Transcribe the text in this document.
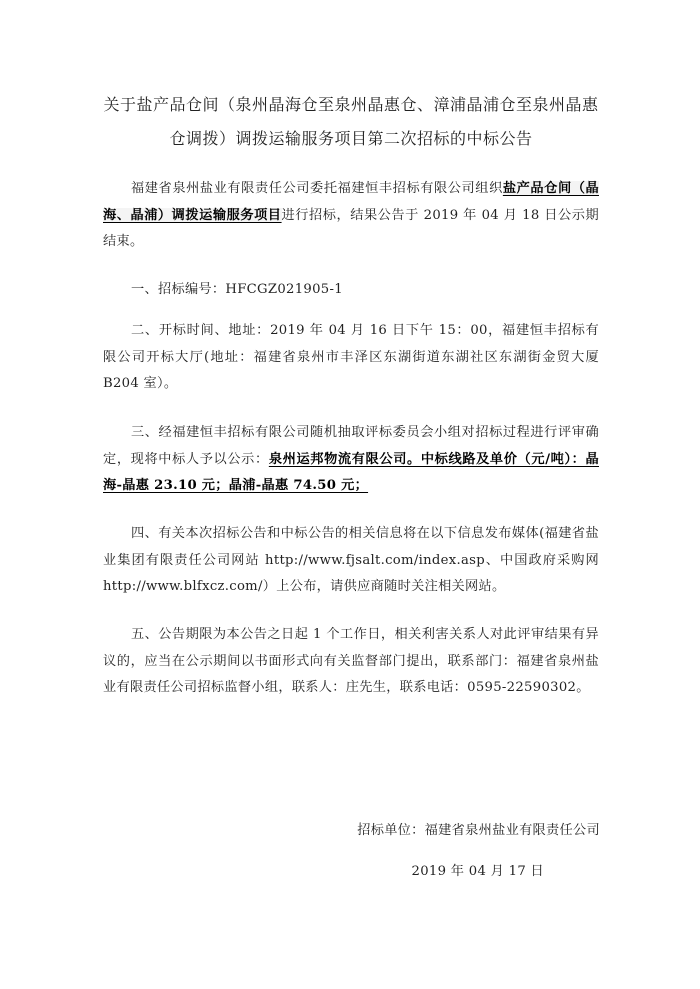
关于盐产品仓间（泉州晶海仓至泉州晶惠仓、漳浦晶浦仓至泉州晶惠仓调拨）调拨运输服务项目第二次招标的中标公告
福建省泉州盐业有限责任公司委托福建恒丰招标有限公司组织盐产品仓间（晶海、晶浦）调拨运输服务项目进行招标，结果公告于 2019 年 04 月 18 日公示期结束。
一、招标编号：HFCGZ021905-1
二、开标时间、地址：2019 年 04 月 16 日下午 15：00，福建恒丰招标有限公司开标大厅(地址：福建省泉州市丰泽区东湖街道东湖社区东湖街金贸大厦 B204 室）。
三、经福建恒丰招标有限公司随机抽取评标委员会小组对招标过程进行评审确定，现将中标人予以公示：泉州运邦物流有限公司。中标线路及单价（元/吨）：晶海-晶惠 23.10 元；晶浦-晶惠 74.50 元；
四、有关本次招标公告和中标公告的相关信息将在以下信息发布媒体(福建省盐业集团有限责任公司网站 http://www.fjsalt.com/index.asp、中国政府采购网 http://www.blfxcz.com/）上公布，请供应商随时关注相关网站。
五、公告期限为本公告之日起 1 个工作日，相关利害关系人对此评审结果有异议的，应当在公示期间以书面形式向有关监督部门提出，联系部门：福建省泉州盐业有限责任公司招标监督小组，联系人：庄先生，联系电话：0595-22590302。
招标单位：福建省泉州盐业有限责任公司
2019 年 04 月 17 日
